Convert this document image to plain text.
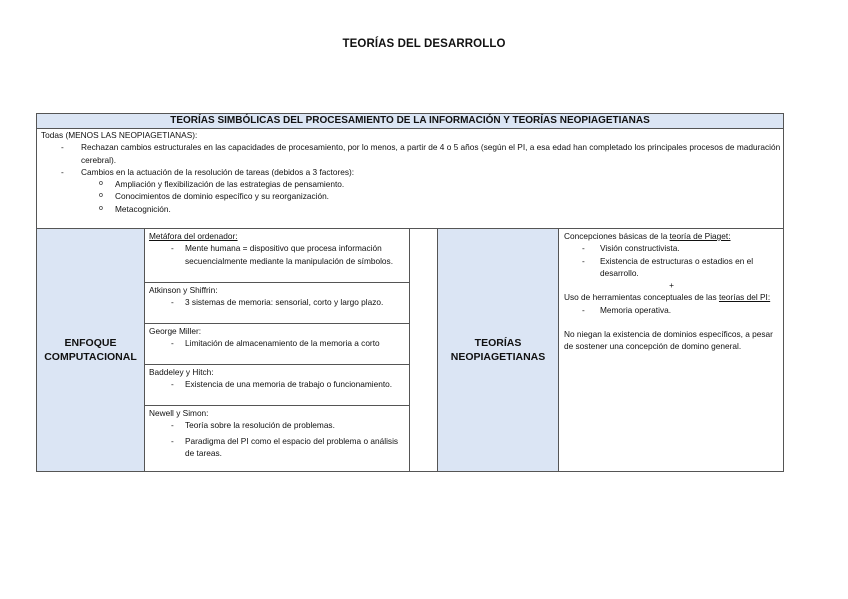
TEORÍAS DEL DESARROLLO
TEORÍAS SIMBÓLICAS DEL PROCESAMIENTO DE LA INFORMACIÓN Y TEORÍAS NEOPIAGETIANAS
Todas (MENOS LAS NEOPIAGETIANAS):
- Rechazan cambios estructurales en las capacidades de procesamiento, por lo menos, a partir de 4 o 5 años (según el PI, a esa edad han completado los principales procesos de maduración cerebral).
- Cambios en la actuación de la resolución de tareas (debidos a 3 factores):
o Ampliación y flexibilización de las estrategias de pensamiento.
o Conocimientos de dominio específico y su reorganización.
o Metacognición.
ENFOQUE COMPUTACIONAL
Metáfora del ordenador:
- Mente humana = dispositivo que procesa información secuencialmente mediante la manipulación de símbolos.
Atkinson y Shiffrin:
- 3 sistemas de memoria: sensorial, corto y largo plazo.
George Miller:
- Limitación de almacenamiento de la memoria a corto
Baddeley y Hitch:
- Existencia de una memoria de trabajo o funcionamiento.
Newell y Simon:
- Teoría sobre la resolución de problemas.
- Paradigma del PI como el espacio del problema o análisis de tareas.
TEORÍAS NEOPIAGETIANAS
Concepciones básicas de la teoría de Piaget:
- Visión constructivista.
- Existencia de estructuras o estadios en el desarrollo.
+
Uso de herramientas conceptuales de las teorías del PI:
- Memoria operativa.
No niegan la existencia de dominios específicos, a pesar de sostener una concepción de domino general.
